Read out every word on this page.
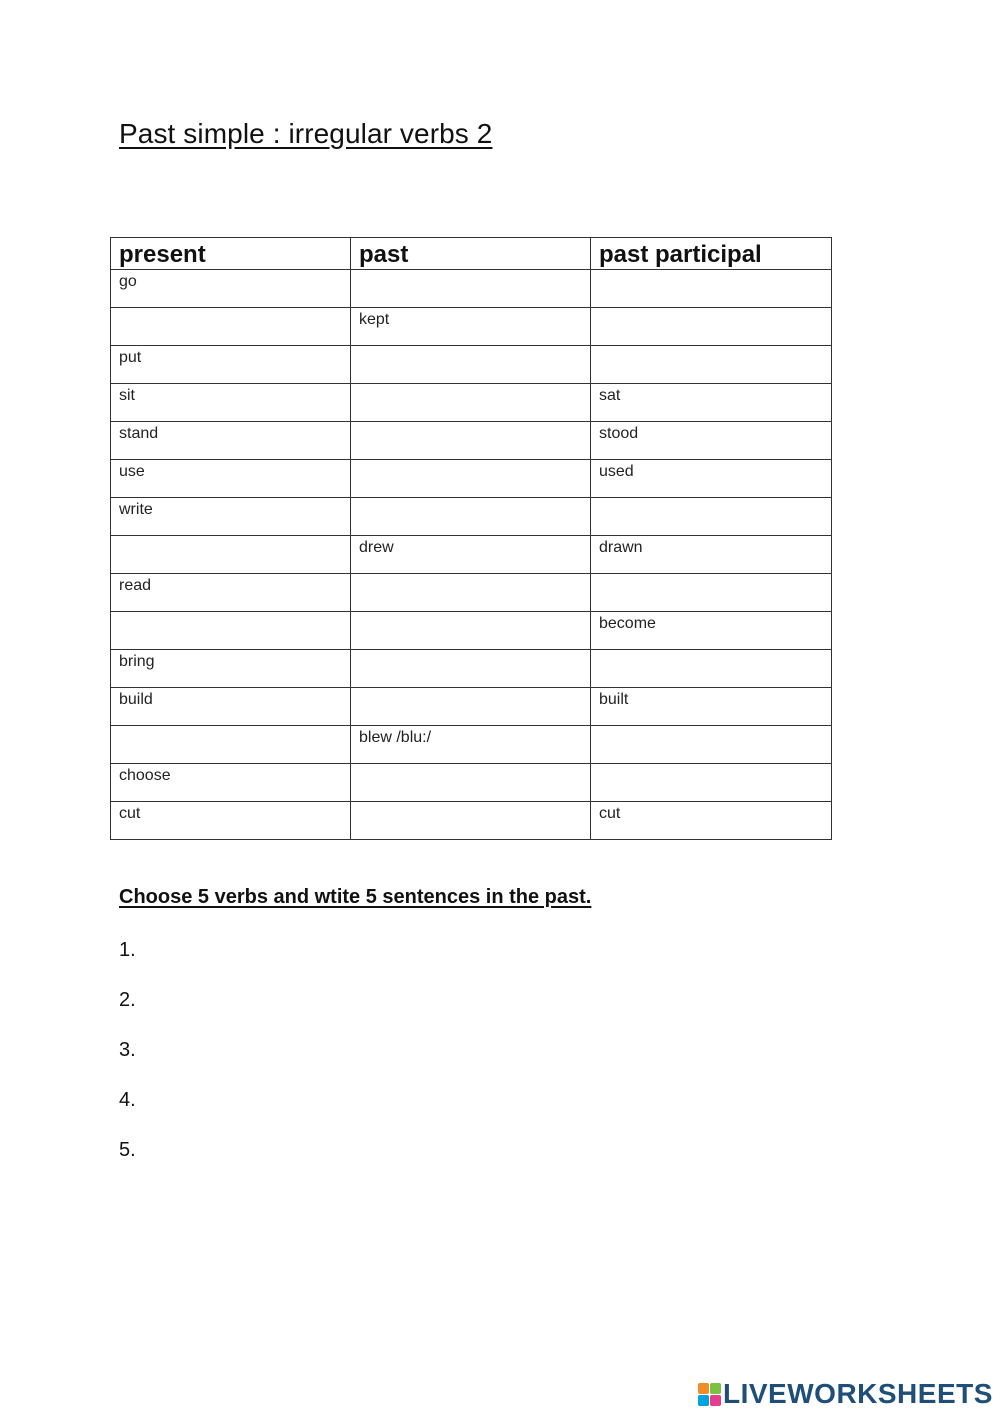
Past simple : irregular verbs 2
present	past	past participal
go		
	kept	
put		
sit		sat
stand		stood
use		used
write		
	drew	drawn
read		
		become
bring		
build		built
	blew /blu:/	
choose		
cut		cut
Choose 5 verbs and wtite 5 sentences in the past.
1.
2.
3.
4.
5.
LIVEWORKSHEETS
